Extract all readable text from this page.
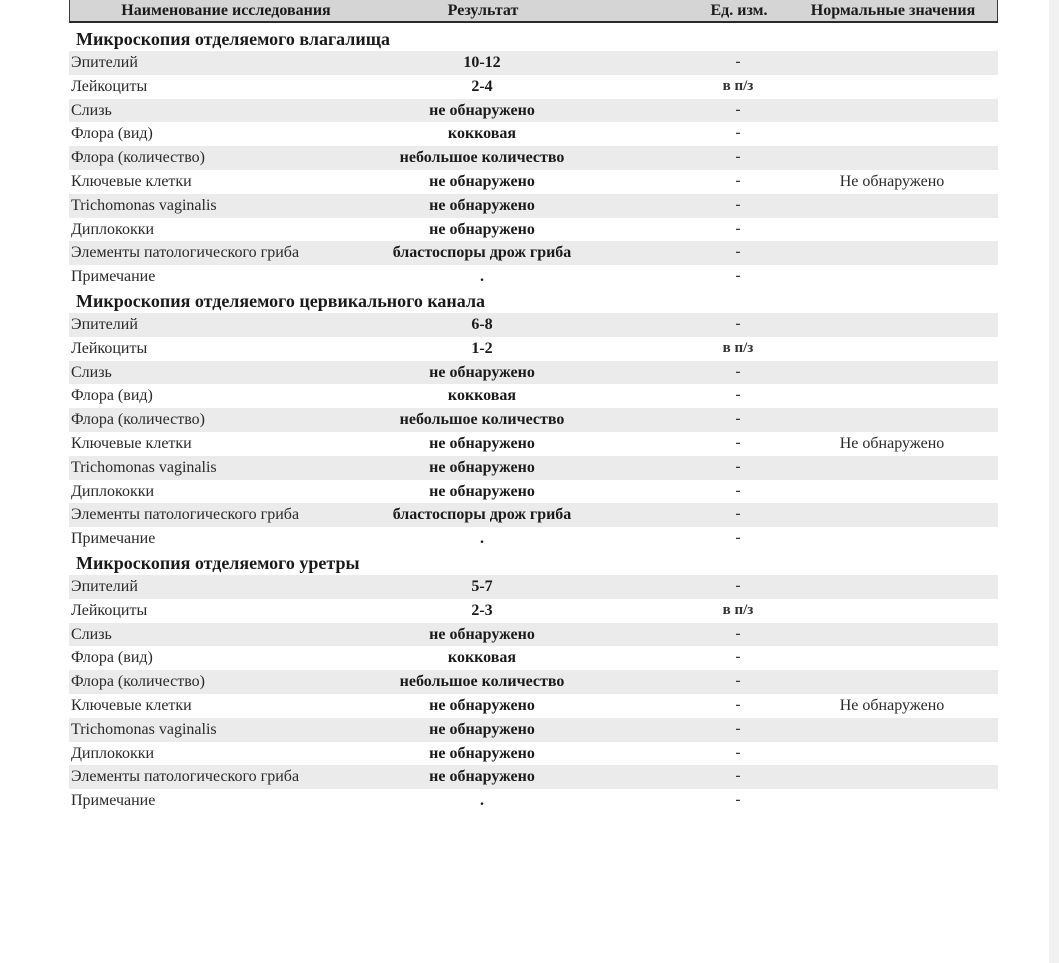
Наименование исследования	Результат	Ед. изм.	Нормальные значения
Микроскопия отделяемого влагалища
Эпителий	10-12	-
Лейкоциты	2-4	в п/з
Слизь	не обнаружено	-
Флора (вид)	кокковая	-
Флора (количество)	небольшое количество	-
Ключевые клетки	не обнаружено	-	Не обнаружено
Trichomonas vaginalis	не обнаружено	-
Диплококки	не обнаружено	-
Элементы патологического гриба	бластоспоры дрож гриба	-
Примечание	.	-
Микроскопия отделяемого цервикального канала
Эпителий	6-8	-
Лейкоциты	1-2	в п/з
Слизь	не обнаружено	-
Флора (вид)	кокковая	-
Флора (количество)	небольшое количество	-
Ключевые клетки	не обнаружено	-	Не обнаружено
Trichomonas vaginalis	не обнаружено	-
Диплококки	не обнаружено	-
Элементы патологического гриба	бластоспоры дрож гриба	-
Примечание	.	-
Микроскопия отделяемого уретры
Эпителий	5-7	-
Лейкоциты	2-3	в п/з
Слизь	не обнаружено	-
Флора (вид)	кокковая	-
Флора (количество)	небольшое количество	-
Ключевые клетки	не обнаружено	-	Не обнаружено
Trichomonas vaginalis	не обнаружено	-
Диплококки	не обнаружено	-
Элементы патологического гриба	не обнаружено	-
Примечание	.	-
